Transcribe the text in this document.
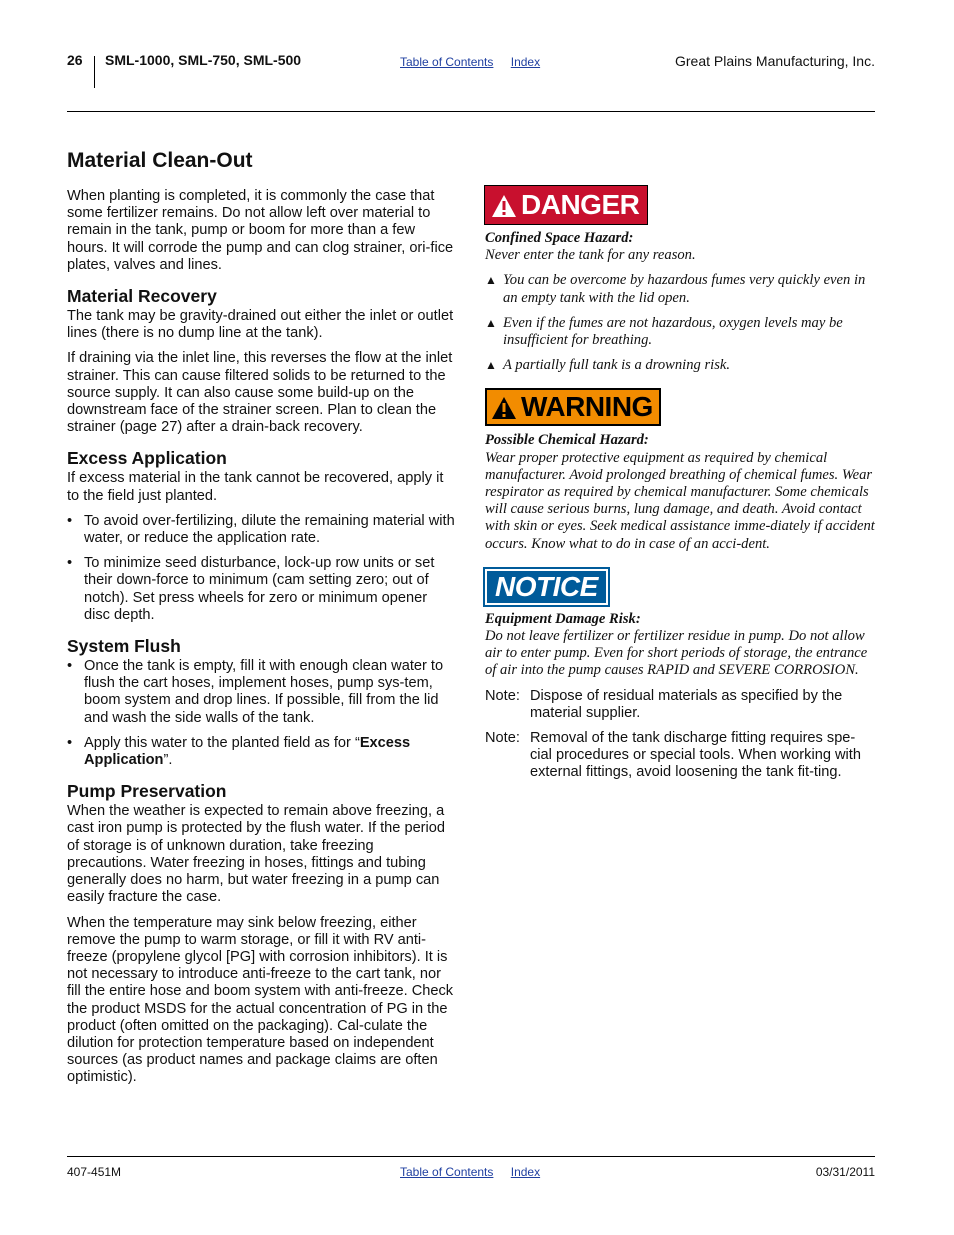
26 SML-1000, SML-750, SML-500	Table of Contents Index	Great Plains Manufacturing, Inc.
Material Clean-Out

When planting is completed, it is commonly the case that some fertilizer remains. Do not allow left over material to remain in the tank, pump or boom for more than a few hours. It will corrode the pump and can clog strainer, ori-fice plates, valves and lines.

Material Recovery

The tank may be gravity-drained out either the inlet or outlet lines (there is no dump line at the tank).

If draining via the inlet line, this reverses the flow at the inlet strainer. This can cause filtered solids to be returned to the source supply. It can also cause some build-up on the downstream face of the strainer screen. Plan to clean the strainer (page 27) after a drain-back recovery.

Excess Application

If excess material in the tank cannot be recovered, apply it to the field just planted.

• To avoid over-fertilizing, dilute the remaining material with water, or reduce the application rate.
• To minimize seed disturbance, lock-up row units or set their down-force to minimum (cam setting zero; out of notch). Set press wheels for zero or minimum opener disc depth.
System Flush
• Once the tank is empty, fill it with enough clean water to flush the cart hoses, implement hoses, pump sys-tem, boom system and drop lines. If possible, fill from the lid and wash the side walls of the tank.
• Apply this water to the planted field as for “Excess Application”.
Pump Preservation

When the weather is expected to remain above freezing, a cast iron pump is protected by the flush water. If the period of storage is of unknown duration, take freezing precautions. Water freezing in hoses, fittings and tubing generally does no harm, but water freezing in a pump can easily fracture the case.

When the temperature may sink below freezing, either remove the pump to warm storage, or fill it with RV anti-freeze (propylene glycol [PG] with corrosion inhibitors). It is not necessary to introduce anti-freeze to the cart tank, nor fill the entire hose and boom system with anti-freeze. Check the product MSDS for the actual concentration of PG in the product (often omitted on the packaging). Cal-culate the dilution for protection temperature based on independent sources (as product names and package claims are often optimistic).

DANGER
Confined Space Hazard:
Never enter the tank for any reason.
▲ You can be overcome by hazardous fumes very quickly even in an empty tank with the lid open.
▲ Even if the fumes are not hazardous, oxygen levels may be insufficient for breathing.
▲ A partially full tank is a drowning risk.
WARNING
Possible Chemical Hazard:
Wear proper protective equipment as required by chemical manufacturer. Avoid prolonged breathing of chemical fumes. Wear respirator as required by chemical manufacturer. Some chemicals will cause serious burns, lung damage, and death. Avoid contact with skin or eyes. Seek medical assistance imme-diately if accident occurs. Know what to do in case of an acci-dent.
NOTICE
Equipment Damage Risk:
Do not leave fertilizer or fertilizer residue in pump. Do not allow air to enter pump. Even for short periods of storage, the entrance of air into the pump causes RAPID and SEVERE CORROSION.
Note: Dispose of residual materials as specified by the material supplier.
Note: Removal of the tank discharge fitting requires spe-cial procedures or special tools. When working with external fittings, avoid loosening the tank fit-ting.
407-451M	Table of Contents Index	03/31/2011
